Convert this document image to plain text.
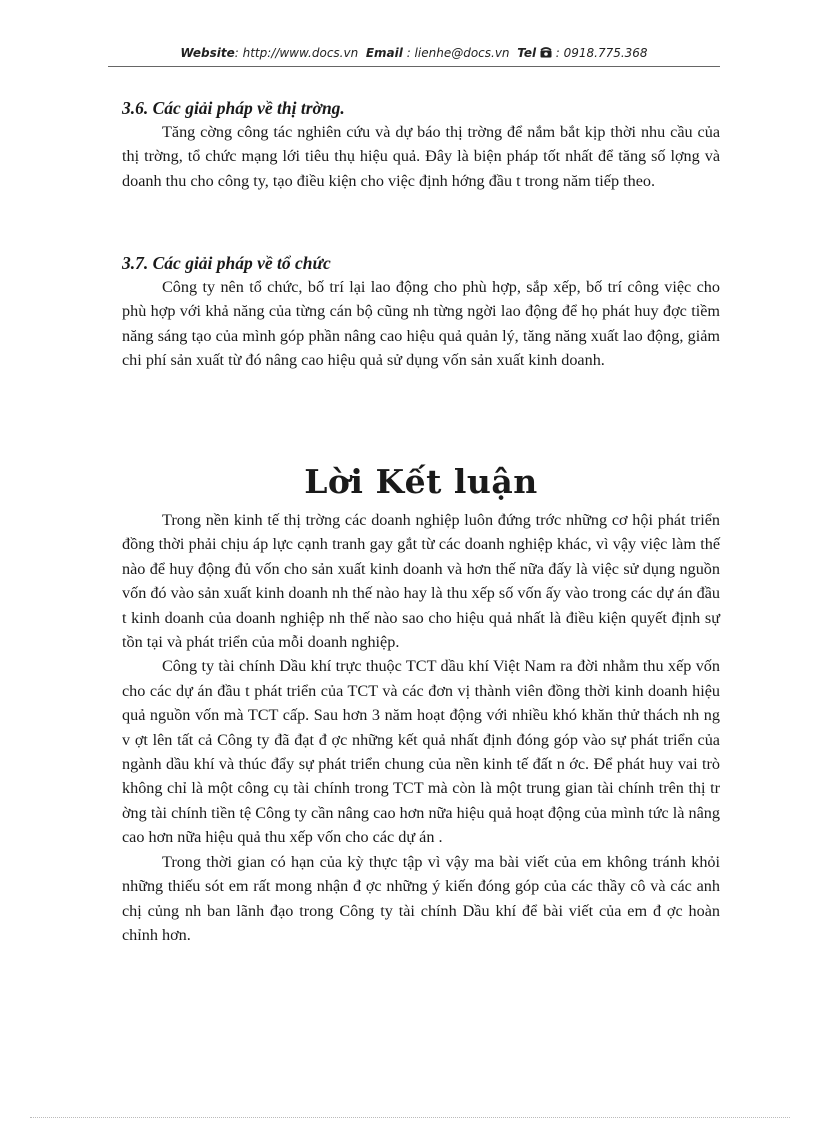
Website: http://www.docs.vn Email : lienhe@docs.vn Tel : 0918.775.368
3.6. Các giải pháp về thị trờng.

Tăng cờng công tác nghiên cứu và dự báo thị trờng để nắm bắt kịp thời nhu cầu của thị trờng, tổ chức mạng lới tiêu thụ hiệu quả. Đây là biện pháp tốt nhất để tăng số lợng và doanh thu cho công ty, tạo điều kiện cho việc định hớng đầu t trong năm tiếp theo.

3.7. Các giải pháp về tổ chức

Công ty nên tổ chức, bố trí lại lao động cho phù hợp, sắp xếp, bố trí công việc cho phù hợp với khả năng của từng cán bộ cũng nh từng ngời lao động để họ phát huy đợc tiềm năng sáng tạo của mình góp phần nâng cao hiệu quả quản lý, tăng năng xuất lao động, giảm chi phí sản xuất từ đó nâng cao hiệu quả sử dụng vốn sản xuất kinh doanh.

Lời Kết luận

Trong nền kinh tế thị trờng các doanh nghiệp luôn đứng trớc những cơ hội phát triển đồng thời phải chịu áp lực cạnh tranh gay gắt từ các doanh nghiệp khác, vì vậy việc làm thế nào để huy động đủ vốn cho sản xuất kinh doanh và hơn thế nữa đấy là việc sử dụng nguồn vốn đó vào sản xuất kinh doanh nh thế nào hay là thu xếp số vốn ấy vào trong các dự án đầu t kinh doanh của doanh nghiệp nh thế nào sao cho hiệu quả nhất là điều kiện quyết định sự tồn tại và phát triển của mỗi doanh nghiệp.

Công ty tài chính Dầu khí trực thuộc TCT dầu khí Việt Nam ra đời nhằm thu xếp vốn cho các dự án đầu t phát triển của TCT và các đơn vị thành viên đồng thời kinh doanh hiệu quả nguồn vốn mà TCT cấp. Sau hơn 3 năm hoạt động với nhiều khó khăn thử thách nh ng v ợt lên tất cả Công ty đã đạt đ ợc những kết quả nhất định đóng góp vào sự phát triển của ngành dầu khí và thúc đẩy sự phát triển chung của nền kinh tế đất n ớc. Để phát huy vai trò không chỉ là một công cụ tài chính trong TCT mà còn là một trung gian tài chính trên thị tr ờng tài chính tiền tệ Công ty cần nâng cao hơn nữa hiệu quả hoạt động của mình tức là nâng cao hơn nữa hiệu quả thu xếp vốn cho các dự án .

Trong thời gian có hạn của kỳ thực tập vì vậy ma bài viết của em không tránh khỏi những thiếu sót em rất mong nhận đ ợc những ý kiến đóng góp của các thầy cô và các anh chị củng nh ban lãnh đạo trong Công ty tài chính Dầu khí để bài viết của em đ ợc hoàn chỉnh hơn.
